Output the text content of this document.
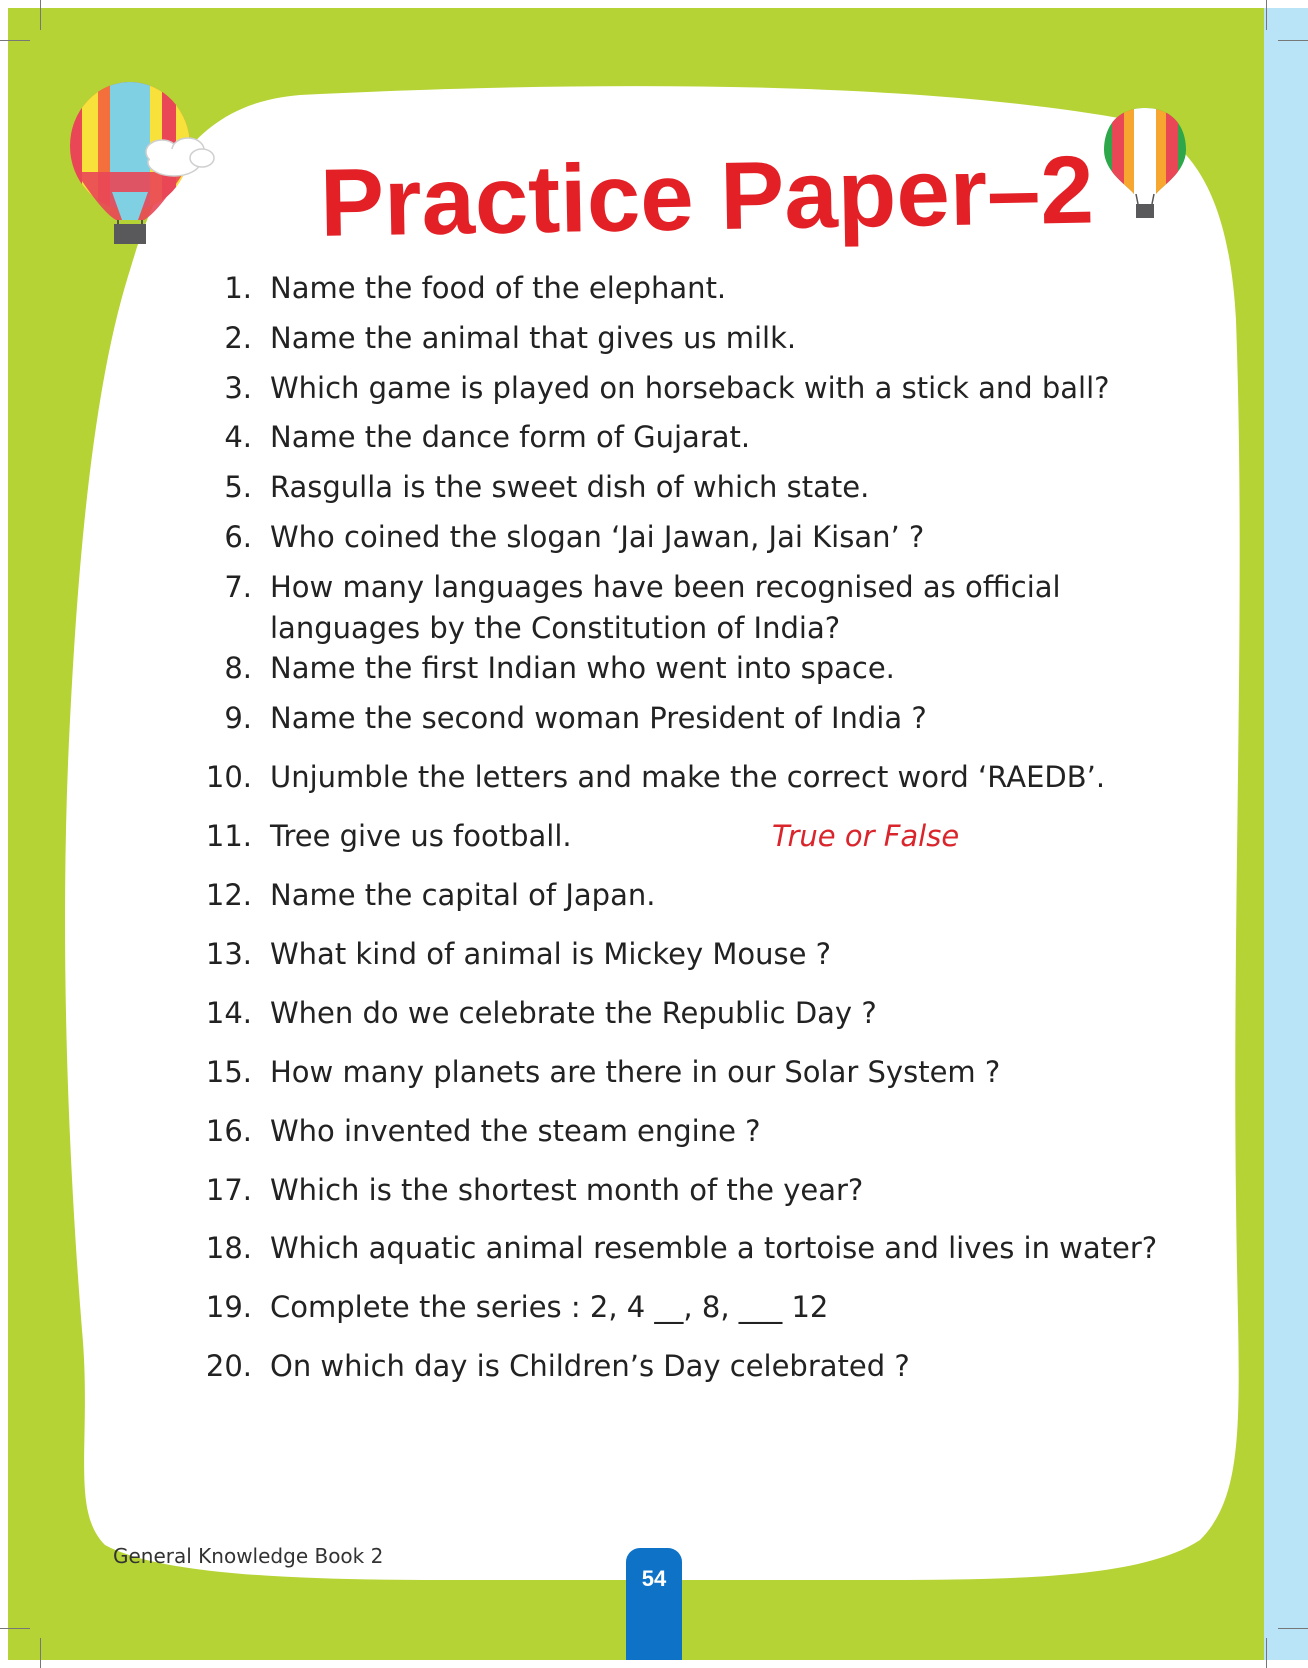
Practice Paper–2
1. Name the food of the elephant.
2. Name the animal that gives us milk.
3. Which game is played on horseback with a stick and ball?
4. Name the dance form of Gujarat.
5. Rasgulla is the sweet dish of which state.
6. Who coined the slogan ‘Jai Jawan, Jai Kisan’ ?
7. How many languages have been recognised as official languages by the Constitution of India?
8. Name the first Indian who went into space.
9. Name the second woman President of India ?
10. Unjumble the letters and make the correct word ‘RAEDB’.
11. Tree give us football.	True or False
12. Name the capital of Japan.
13. What kind of animal is Mickey Mouse ?
14. When do we celebrate the Republic Day ?
15. How many planets are there in our Solar System ?
16. Who invented the steam engine ?
17. Which is the shortest month of the year?
18. Which aquatic animal resemble a tortoise and lives in water?
19. Complete the series : 2, 4 __, 8, ___ 12
20. On which day is Children’s Day celebrated ?
General Knowledge Book 2
54
